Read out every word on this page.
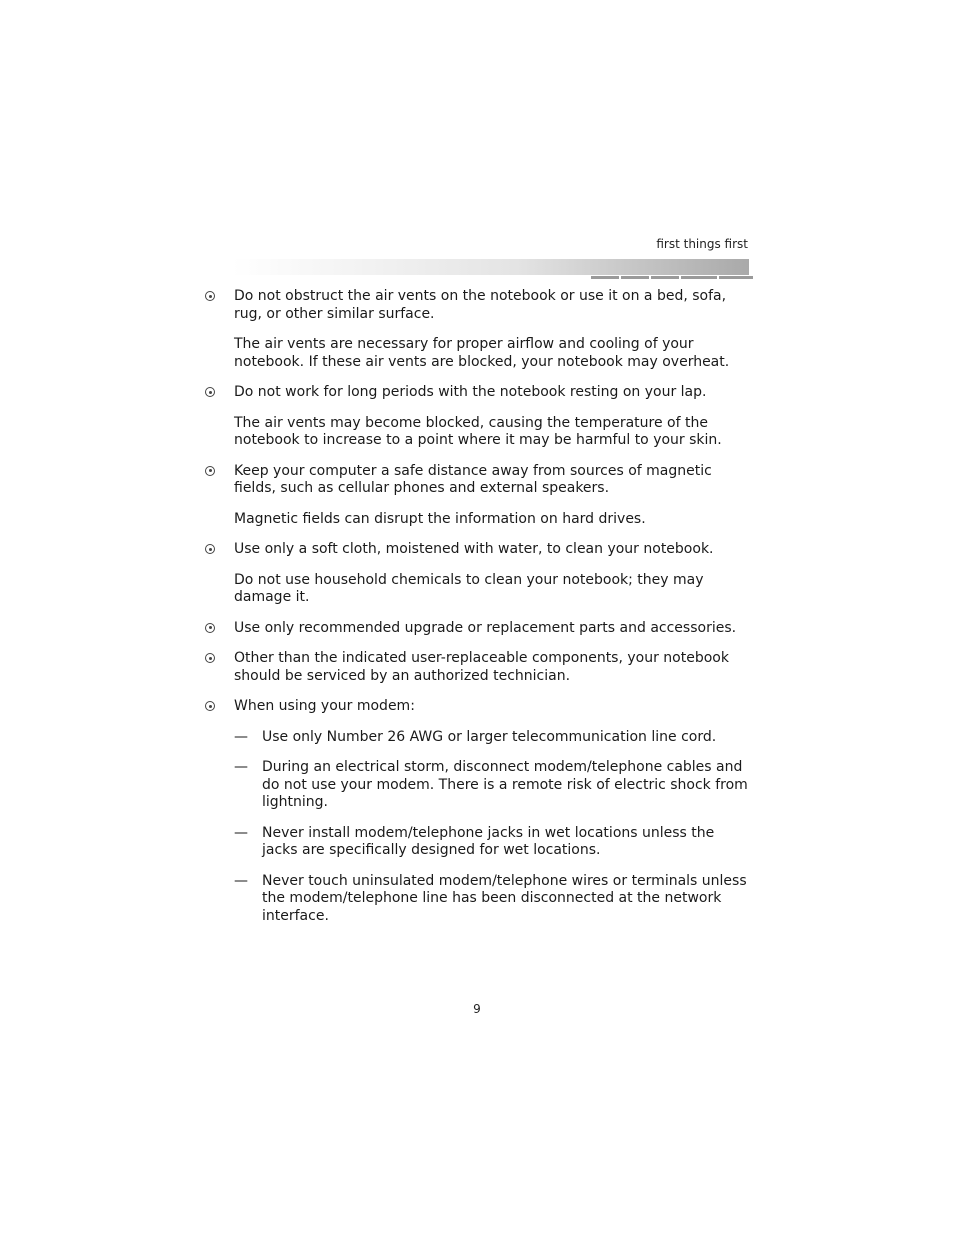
first things first
Do not obstruct the air vents on the notebook or use it on a bed, sofa, rug, or other similar surface.
The air vents are necessary for proper airflow and cooling of your notebook. If these air vents are blocked, your notebook may overheat.
Do not work for long periods with the notebook resting on your lap.
The air vents may become blocked, causing the temperature of the notebook to increase to a point where it may be harmful to your skin.
Keep your computer a safe distance away from sources of magnetic fields, such as cellular phones and external speakers.
Magnetic fields can disrupt the information on hard drives.
Use only a soft cloth, moistened with water, to clean your notebook.
Do not use household chemicals to clean your notebook; they may damage it.
Use only recommended upgrade or replacement parts and accessories.
Other than the indicated user-replaceable components, your notebook should be serviced by an authorized technician.
When using your modem:
— Use only Number 26 AWG or larger telecommunication line cord.
— During an electrical storm, disconnect modem/telephone cables and do not use your modem. There is a remote risk of electric shock from lightning.
— Never install modem/telephone jacks in wet locations unless the jacks are specifically designed for wet locations.
— Never touch uninsulated modem/telephone wires or terminals unless the modem/telephone line has been disconnected at the network interface.
9
